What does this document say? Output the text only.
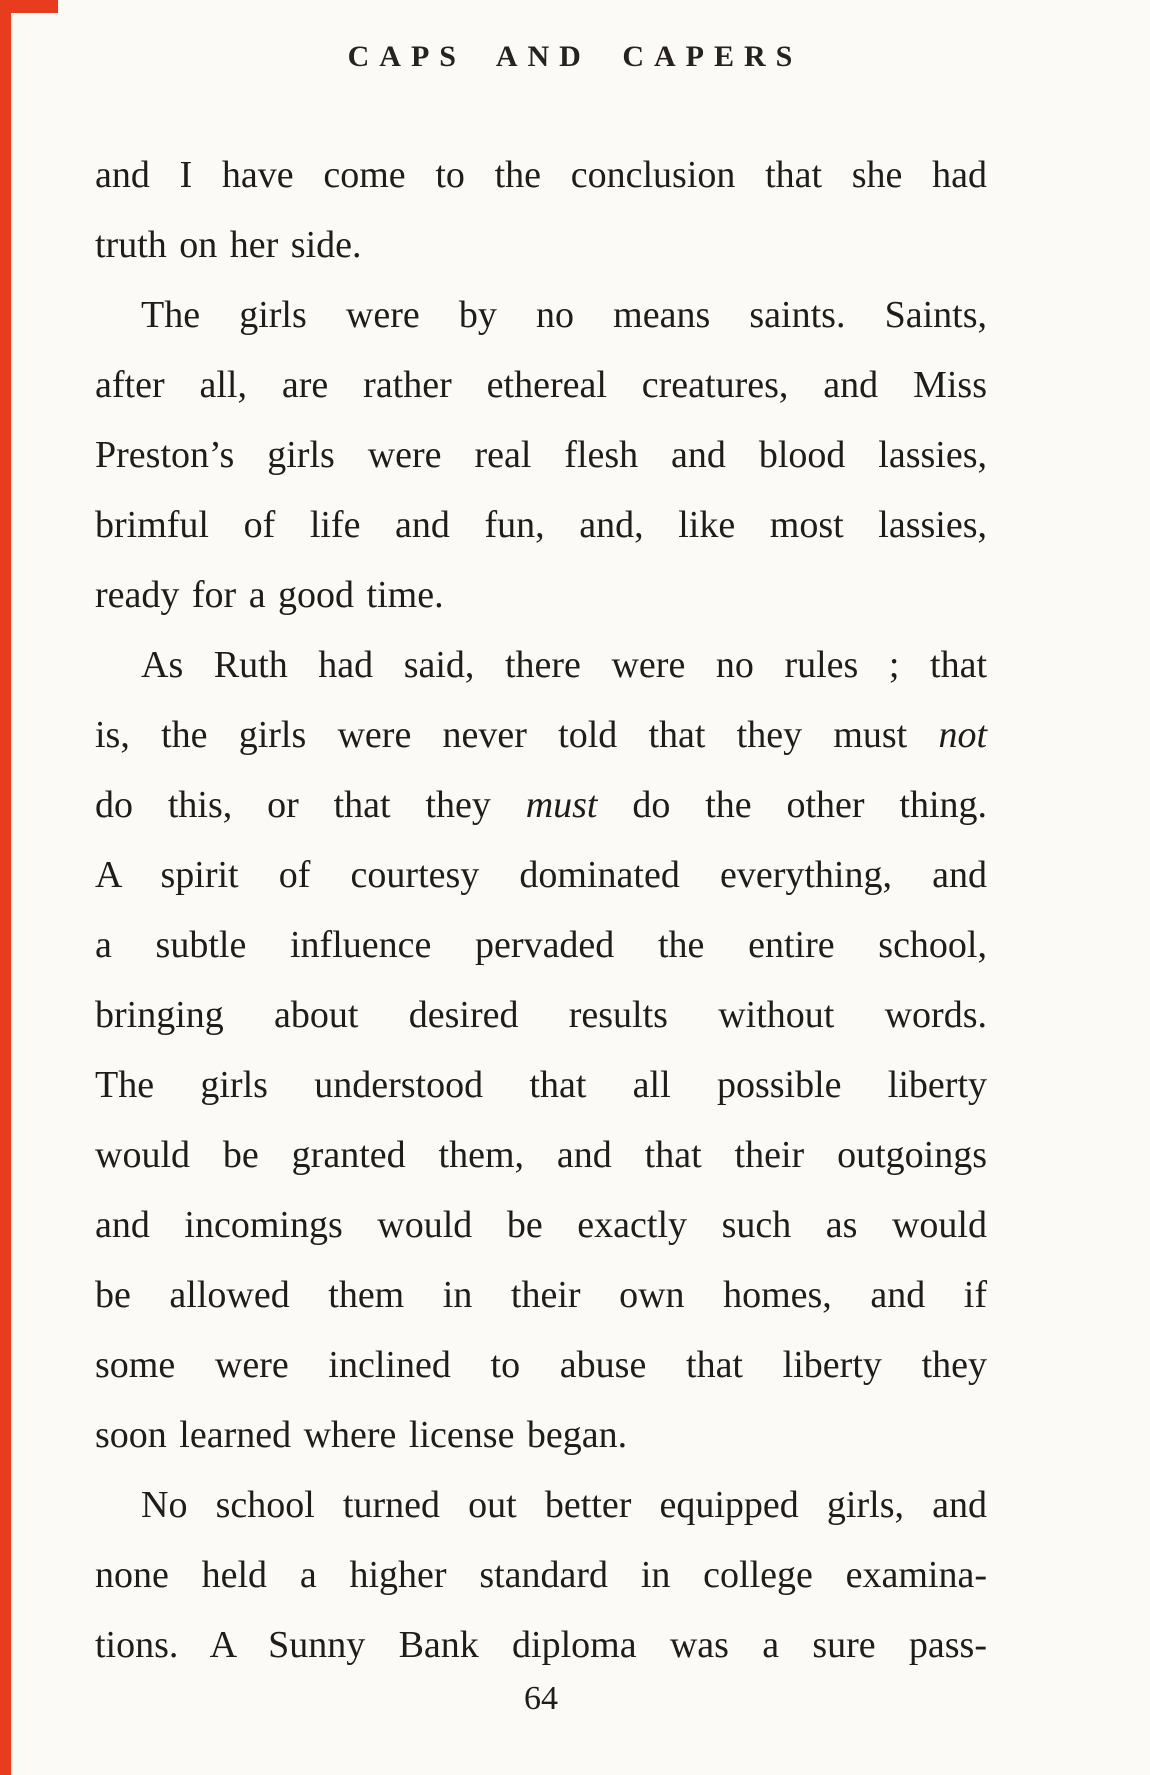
CAPS AND CAPERS
and I have come to the conclusion that she had
truth on her side.
The girls were by no means saints. Saints,
after all, are rather ethereal creatures, and Miss
Preston’s girls were real flesh and blood lassies,
brimful of life and fun, and, like most lassies,
ready for a good time.
As Ruth had said, there were no rules ; that
is, the girls were never told that they must not
do this, or that they must do the other thing.
A spirit of courtesy dominated everything, and
a subtle influence pervaded the entire school,
bringing about desired results without words.
The girls understood that all possible liberty
would be granted them, and that their outgoings
and incomings would be exactly such as would
be allowed them in their own homes, and if
some were inclined to abuse that liberty they
soon learned where license began.
No school turned out better equipped girls, and
none held a higher standard in college examina-
tions. A Sunny Bank diploma was a sure pass-
64
